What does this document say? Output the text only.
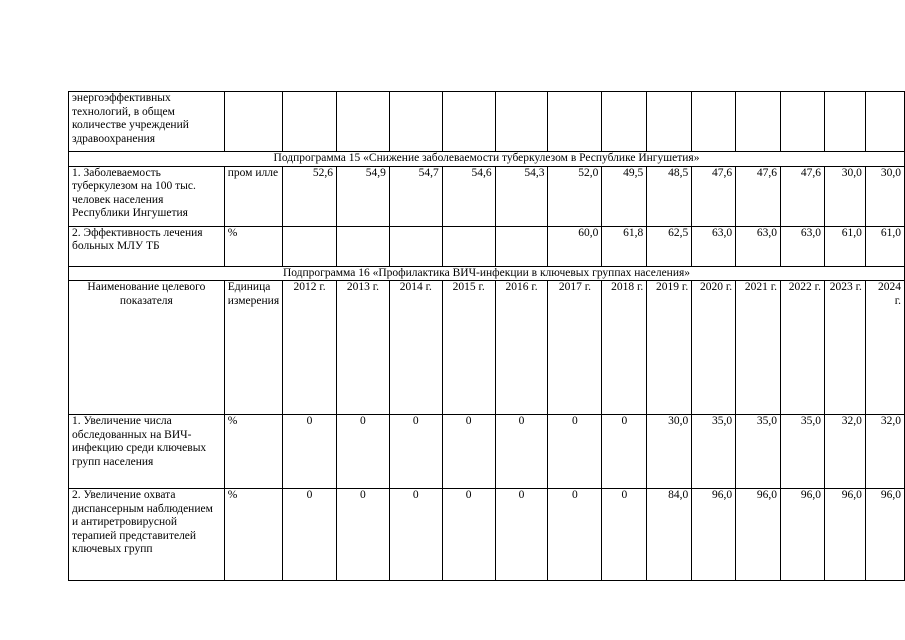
энергоэффективных технологий, в общем количестве учреждений здравоохранения														
Подпрограмма 15 «Снижение заболеваемости туберкулезом в Республике Ингушетия»														
1. Заболеваемость туберкулезом на 100 тыс. человек населения Республики Ингушетия	пром илле	52,6	54,9	54,7	54,6	54,3	52,0	49,5	48,5	47,6	47,6	47,6	30,0	30,0
2. Эффективность лечения больных МЛУ ТБ	%						60,0	61,8	62,5	63,0	63,0	63,0	61,0	61,0
Подпрограмма 16 «Профилактика ВИЧ-инфекции в ключевых группах населения»														
Наименование целевого показателя	Единица измерения	2012 г.	2013 г.	2014 г.	2015 г.	2016 г.	2017 г.	2018 г.	2019 г.	2020 г.	2021 г.	2022 г.	2023 г.	2024 г.
1. Увеличение числа обследованных на ВИЧ-инфекцию среди ключевых групп населения	%	0	0	0	0	0	0	0	30,0	35,0	35,0	35,0	32,0	32,0
2. Увеличение охвата диспансерным наблюдением и антиретровирусной терапией представителей ключевых групп	%	0	0	0	0	0	0	0	84,0	96,0	96,0	96,0	96,0	96,0
